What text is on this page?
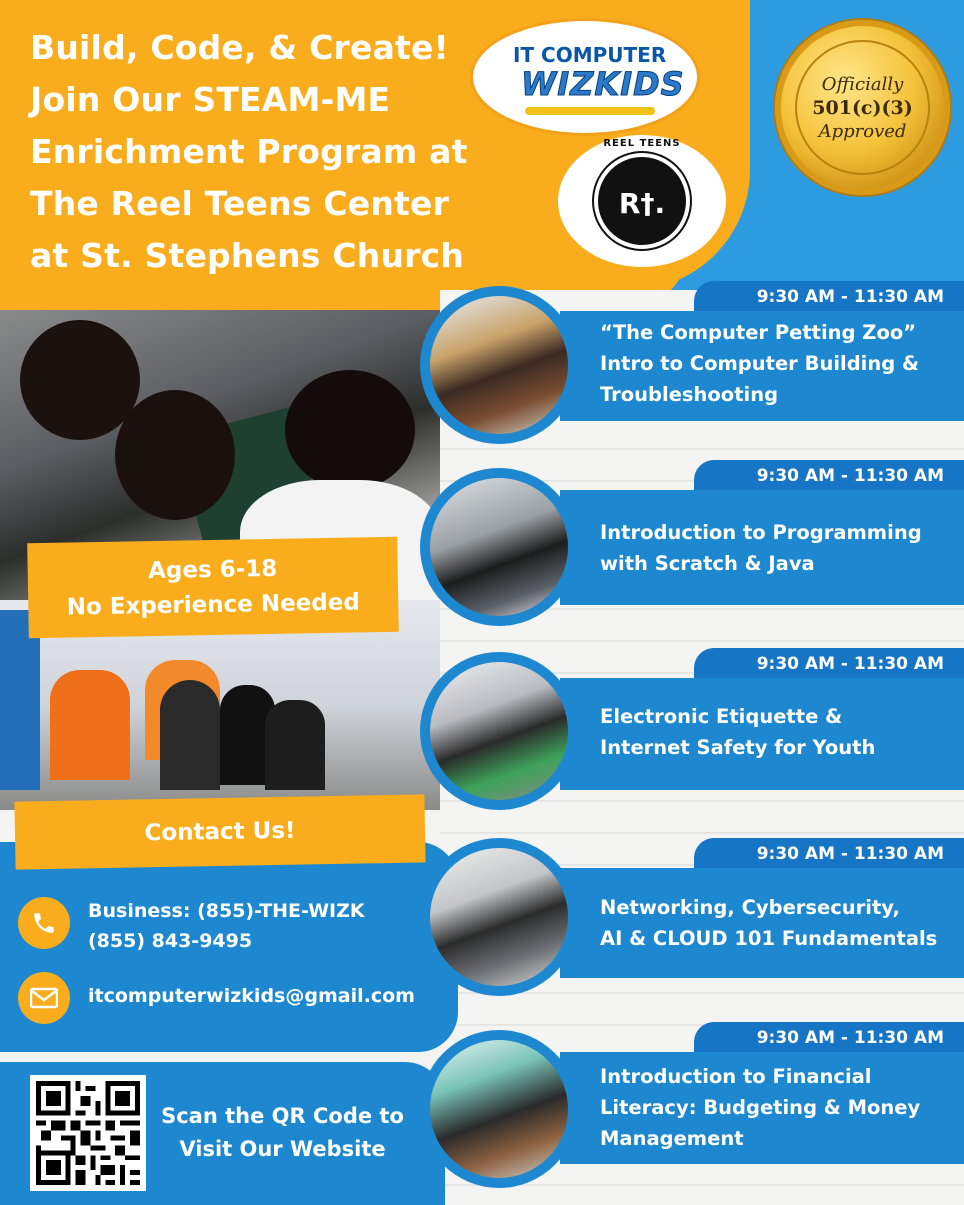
Build, Code, & Create!
Join Our STEAM-ME
Enrichment Program at
The Reel Teens Center
at St. Stephens Church
IT COMPUTER
WIZKIDS
REEL TEENS
R†.
Officially
501(c)(3)
Approved
Ages 6-18
No Experience Needed
Contact Us!
Business: (855)-THE-WIZK
(855) 843-9495
itcomputerwizkids@gmail.com
Scan the QR Code to
Visit Our Website
9:30 AM - 11:30 AM
“The Computer Petting Zoo”
Intro to Computer Building &
Troubleshooting
9:30 AM - 11:30 AM
Introduction to Programming
with Scratch & Java
9:30 AM - 11:30 AM
Electronic Etiquette &
Internet Safety for Youth
9:30 AM - 11:30 AM
Networking, Cybersecurity,
AI & CLOUD 101 Fundamentals
9:30 AM - 11:30 AM
Introduction to Financial
Literacy: Budgeting & Money
Management
